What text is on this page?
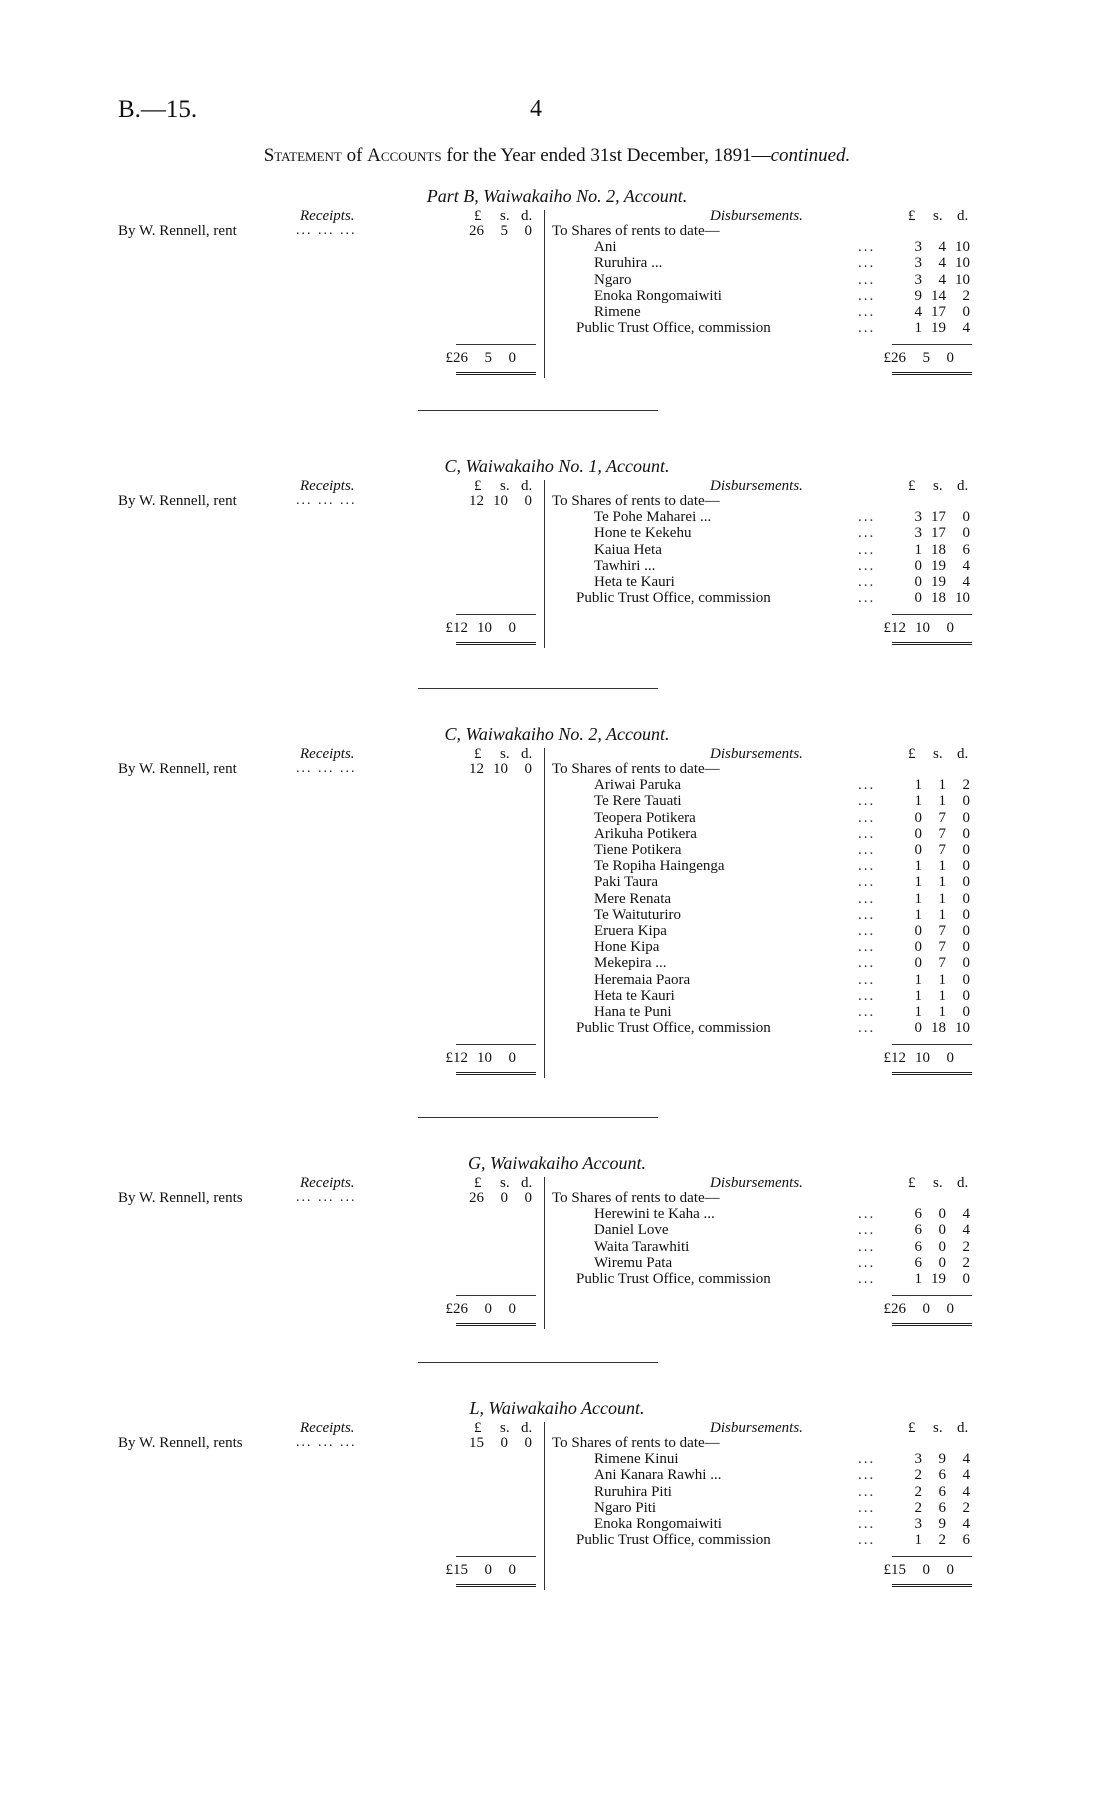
B.—15.	4
Statement of Accounts for the Year ended 31st December, 1891—continued.
Part B, Waiwakaiho No. 2, Account.
Receipts.	£ s. d.	Disbursements.	£ s. d.
By W. Rennell, rent	... ... ...	26 5 0 To Shares of rents to date—
Ani	...	3 4 10
Ruruhira ...	...	3 4 10
Ngaro	...	3 4 10
Enoka Rongomaiwiti	...	9 14 2
Rimene	...	4 17 0
Public Trust Office, commission	...	1 19 4
£26 5 0	£26 5 0
C, Waiwakaiho No. 1, Account.
Receipts.	£ s. d.	Disbursements.	£ s. d.
By W. Rennell, rent	... ... ...	12 10 0 To Shares of rents to date—
Te Pohe Maharei ...	...	3 17 0
Hone te Kekehu	...	3 17 0
Kaiua Heta	...	1 18 6
Tawhiri ...	...	0 19 4
Heta te Kauri	...	0 19 4
Public Trust Office, commission	...	0 18 10
£12 10 0	£12 10 0
C, Waiwakaiho No. 2, Account.
Receipts.	£ s. d.	Disbursements.	£ s. d.
By W. Rennell, rent	... ... ...	12 10 0 To Shares of rents to date—
Ariwai Paruka	...	1 1 2
Te Rere Tauati	...	1 1 0
Teopera Potikera	...	0 7 0
Arikuha Potikera	...	0 7 0
Tiene Potikera	...	0 7 0
Te Ropiha Haingenga	...	1 1 0
Paki Taura	...	1 1 0
Mere Renata	...	1 1 0
Te Waituturiro	...	1 1 0
Eruera Kipa	...	0 7 0
Hone Kipa	...	0 7 0
Mekepira ...	...	0 7 0
Heremaia Paora	...	1 1 0
Heta te Kauri	...	1 1 0
Hana te Puni	...	1 1 0
Public Trust Office, commission	...	0 18 10
£12 10 0	£12 10 0
G, Waiwakaiho Account.
Receipts.	£ s. d.	Disbursements.	£ s. d.
By W. Rennell, rents	... ... ...	26 0 0 To Shares of rents to date—
Herewini te Kaha ...	...	6 0 4
Daniel Love	...	6 0 4
Waita Tarawhiti	...	6 0 2
Wiremu Pata	...	6 0 2
Public Trust Office, commission	...	1 19 0
£26 0 0	£26 0 0
L, Waiwakaiho Account.
Receipts.	£ s. d.	Disbursements.	£ s. d.
By W. Rennell, rents	... ... ...	15 0 0 To Shares of rents to date—
Rimene Kinui	...	3 9 4
Ani Kanara Rawhi ...	...	2 6 4
Ruruhira Piti	...	2 6 4
Ngaro Piti	...	2 6 2
Enoka Rongomaiwiti	...	3 9 4
Public Trust Office, commission	...	1 2 6
£15 0 0	£15 0 0
